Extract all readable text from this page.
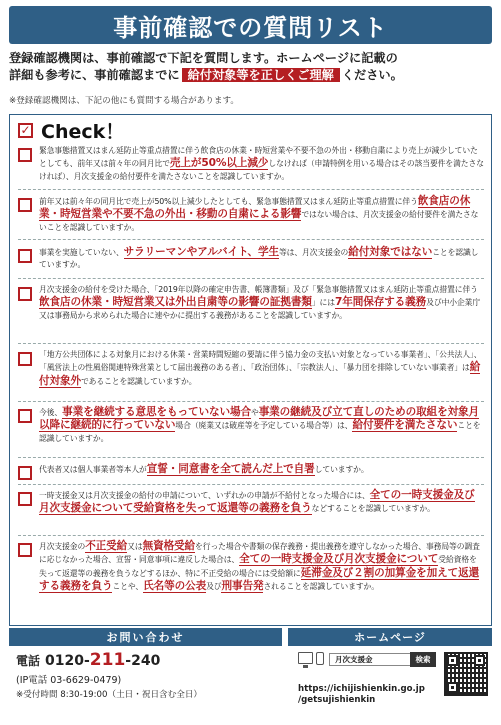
事前確認での質問リスト
登録確認機関は、事前確認で下記を質問します。ホームページに記載の
詳細も参考に、事前確認までに 給付対象等を正しくご理解 ください。
※登録確認機関は、下記の他にも質問する場合があります。
✓ Check！
緊急事態措置又はまん延防止等重点措置に伴う飲食店の休業・時短営業や不要不急の外出・移動自粛により売上が減少していたとしても、前年又は前々年の同月比で売上が50%以上減少しなければ（申請特例を用いる場合はその該当要件を満たさなければ）、月次支援金の給付要件を満たさないことを認識していますか。
前年又は前々年の同月比で売上が50%以上減少したとしても、緊急事態措置又はまん延防止等重点措置に伴う飲食店の休業・時短営業や不要不急の外出・移動の自粛による影響ではない場合は、月次支援金の給付要件を満たさないことを認識していますか。
事業を実施していない、サラリーマンやアルバイト、学生等は、月次支援金の給付対象ではないことを認識していますか。
月次支援金の給付を受けた場合、「2019年以降の確定申告書、帳簿書類」及び「緊急事態措置又はまん延防止等重点措置に伴う飲食店の休業・時短営業又は外出自粛等の影響の証拠書類」には7年間保存する義務及び中小企業庁又は事務局から求められた場合に速やかに提出する義務があることを認識していますか。
「地方公共団体による対象月における休業・営業時間短縮の要請に伴う協力金の支払い対象となっている事業者」、「公共法人」、「風営法上の性風俗関連特殊営業として届出義務のある者」、「政治団体」、「宗教法人」、「暴力団を排除していない事業者」は給付対象外であることを認識していますか。
今後、事業を継続する意思をもっていない場合や事業の継続及び立て直しのための取組を対象月以降に継続的に行っていない場合（廃業又は破産等を予定している場合等）は、給付要件を満たさないことを認識していますか。
代表者又は個人事業者等本人が宣誓・同意書を全て読んだ上で自署していますか。
一時支援金又は月次支援金の給付の申請について、いずれかの申請が不給付となった場合には、全ての一時支援金及び月次支援金について受給資格を失って返還等の義務を負うなどすることを認識していますか。
月次支援金の不正受給又は無資格受給を行った場合や書類の保存義務・提出義務を遵守しなかった場合、事務局等の調査に応じなかった場合、宣誓・同意事項に違反した場合は、全ての一時支援金及び月次支援金について受給資格を失って返還等の義務を負うなどするほか、特に不正受給の場合には受給額に延滞金及び２割の加算金を加えて返還する義務を負うことや、氏名等の公表及び刑事告発されることを認識していますか。
お問い合わせ	ホームページ
電話 0120- 211 -240
(IP電話 03-6629-0479)
※受付時間 8:30-19:00（土日・祝日含む全日）
月次支援金	検索
https://ichijishienkin.go.jp
/getsujishienkin
